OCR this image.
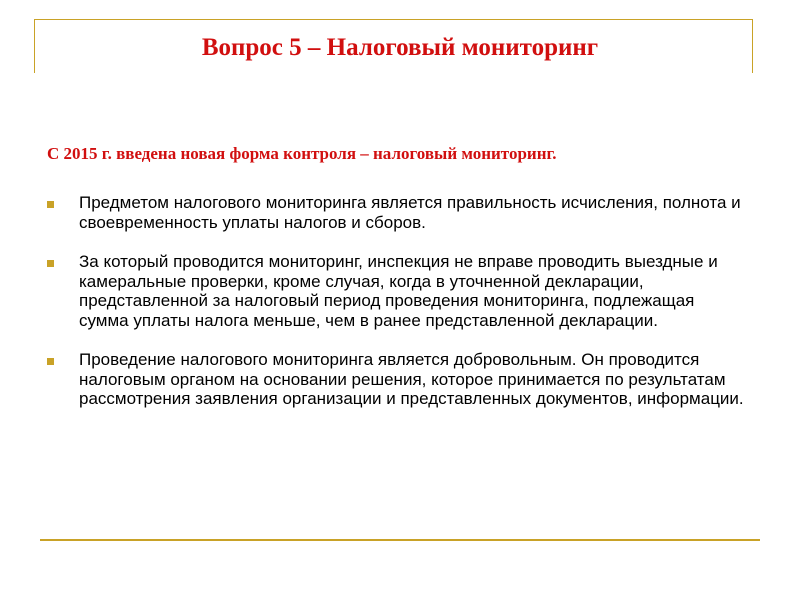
Вопрос 5 – Налоговый мониторинг
С 2015 г. введена новая форма контроля – налоговый мониторинг.
Предметом налогового мониторинга является правильность исчисления, полнота и своевременность уплаты налогов и сборов.
За который проводится мониторинг, инспекция не вправе проводить выездные и камеральные проверки, кроме случая, когда в уточненной декларации, представленной за налоговый период проведения мониторинга, подлежащая сумма уплаты налога меньше, чем в ранее представленной декларации.
Проведение налогового мониторинга является добровольным. Он проводится налоговым органом на основании решения, которое принимается по результатам рассмотрения заявления организации и представленных документов, информации.
